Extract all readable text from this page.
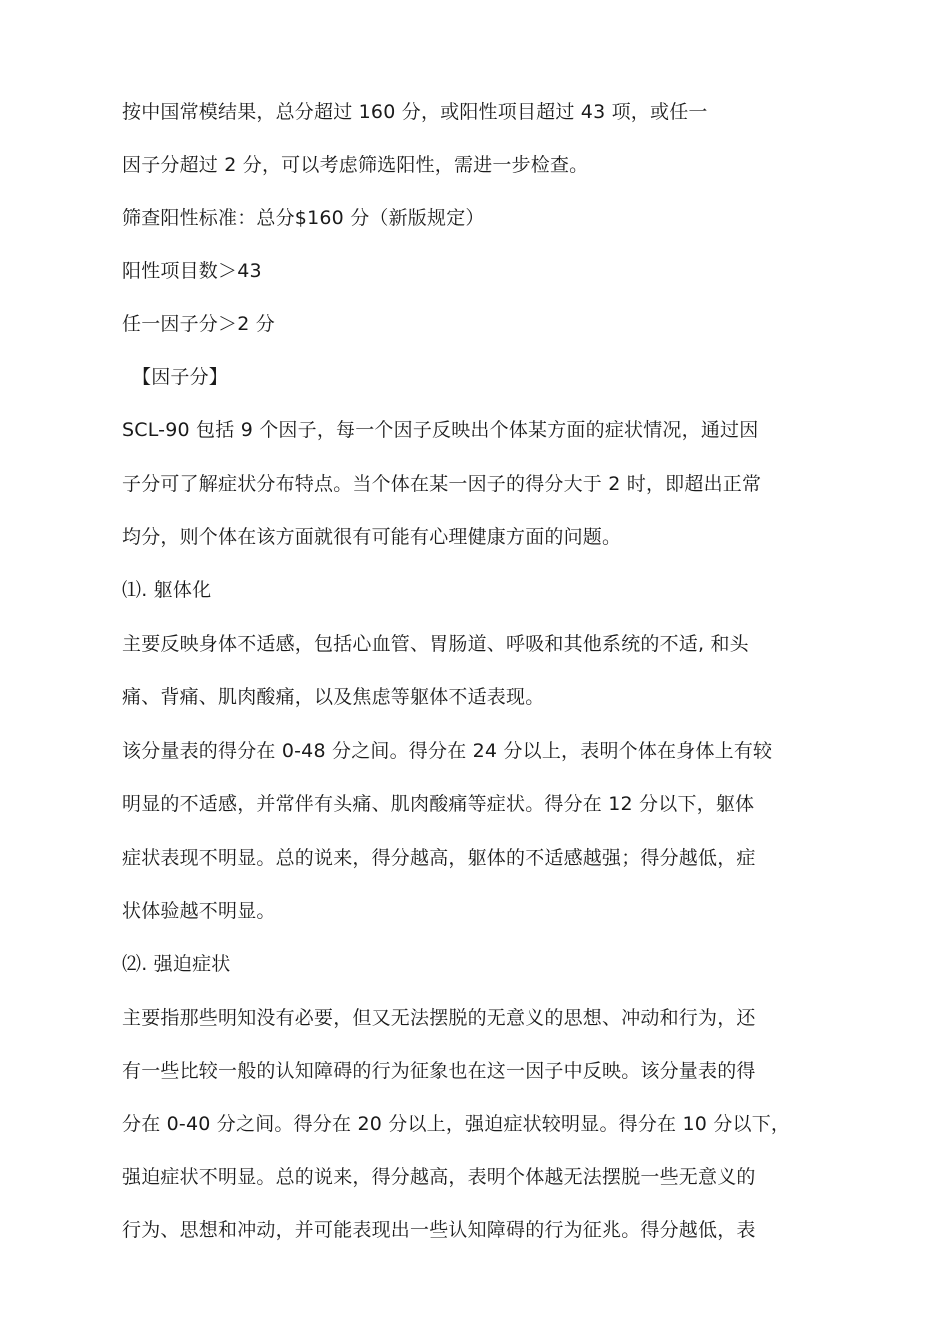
按中国常模结果，总分超过 160 分，或阳性项目超过 43 项，或任一
因子分超过 2 分，可以考虑筛选阳性，需进一步检查。
筛查阳性标准：总分$160 分（新版规定）
阳性项目数＞43
任一因子分＞2 分
【因子分】
SCL-90 包括 9 个因子，每一个因子反映出个体某方面的症状情况，通过因
子分可了解症状分布特点。当个体在某一因子的得分大于 2 时，即超出正常
均分，则个体在该方面就很有可能有心理健康方面的问题。
⑴. 躯体化
主要反映身体不适感，包括心血管、胃肠道、呼吸和其他系统的不适, 和头
痛、背痛、肌肉酸痛，以及焦虑等躯体不适表现。
该分量表的得分在 0-48 分之间。得分在 24 分以上，表明个体在身体上有较
明显的不适感，并常伴有头痛、肌肉酸痛等症状。得分在 12 分以下，躯体
症状表现不明显。总的说来，得分越高，躯体的不适感越强；得分越低，症
状体验越不明显。
⑵. 强迫症状
主要指那些明知没有必要，但又无法摆脱的无意义的思想、冲动和行为，还
有一些比较一般的认知障碍的行为征象也在这一因子中反映。该分量表的得
分在 0-40 分之间。得分在 20 分以上，强迫症状较明显。得分在 10 分以下，
强迫症状不明显。总的说来，得分越高，表明个体越无法摆脱一些无意义的
行为、思想和冲动，并可能表现出一些认知障碍的行为征兆。得分越低，表
